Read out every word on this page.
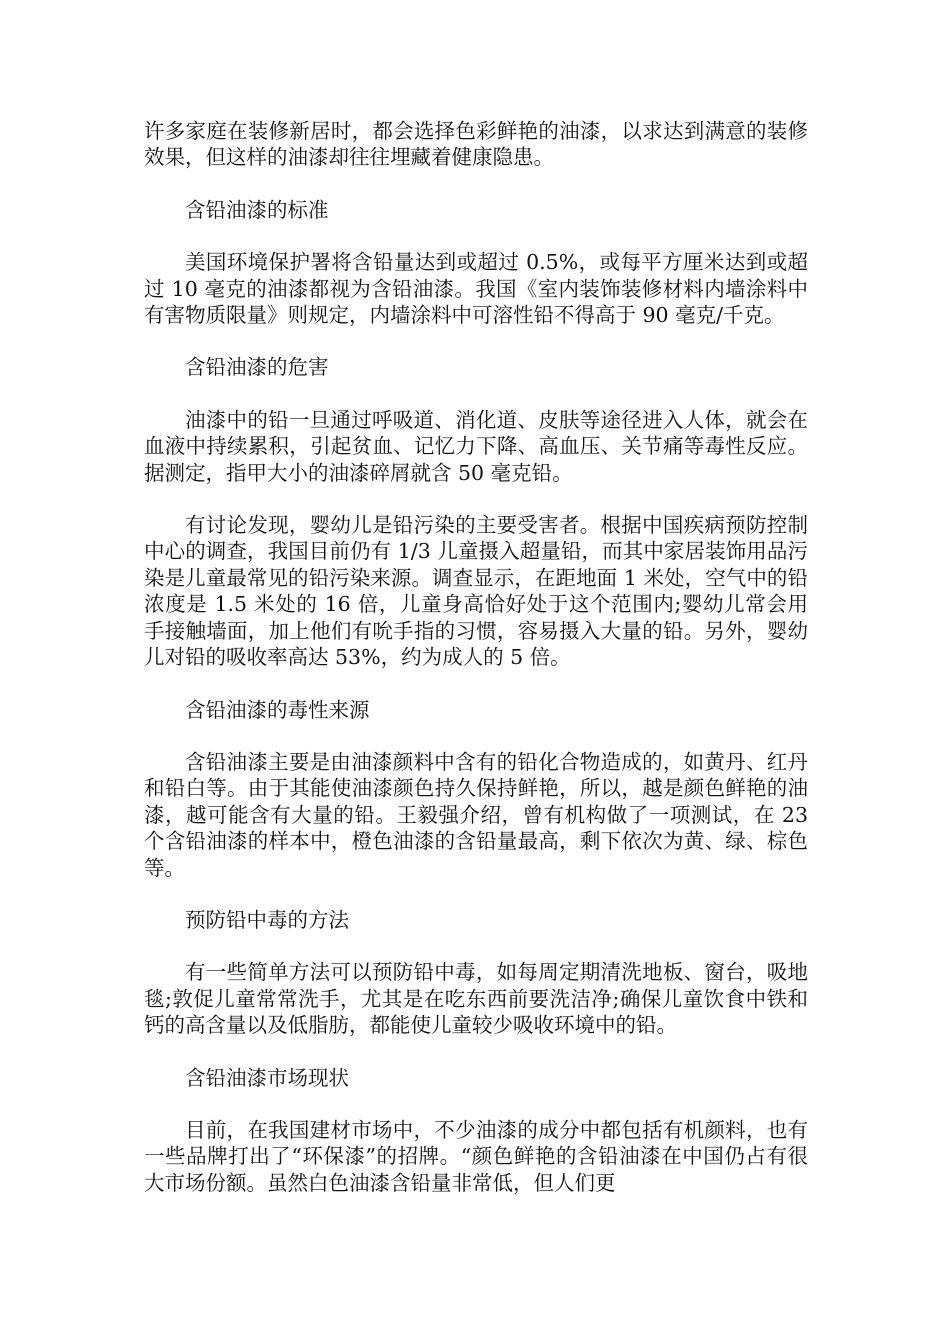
许多家庭在装修新居时，都会选择色彩鲜艳的油漆，以求达到满意的装修效果，但这样的油漆却往往埋藏着健康隐患。

含铅油漆的标准

美国环境保护署将含铅量达到或超过 0.5%，或每平方厘米达到或超过 10 毫克的油漆都视为含铅油漆。我国《室内装饰装修材料内墙涂料中有害物质限量》则规定，内墙涂料中可溶性铅不得高于 90 毫克/千克。

含铅油漆的危害

油漆中的铅一旦通过呼吸道、消化道、皮肤等途径进入人体，就会在血液中持续累积，引起贫血、记忆力下降、高血压、关节痛等毒性反应。据测定，指甲大小的油漆碎屑就含 50 毫克铅。

有讨论发现，婴幼儿是铅污染的主要受害者。根据中国疾病预防控制中心的调查，我国目前仍有 1/3 儿童摄入超量铅，而其中家居装饰用品污染是儿童最常见的铅污染来源。调查显示，在距地面 1 米处，空气中的铅浓度是 1.5 米处的 16 倍，儿童身高恰好处于这个范围内;婴幼儿常会用手接触墙面，加上他们有吮手指的习惯，容易摄入大量的铅。另外，婴幼儿对铅的吸收率高达 53%，约为成人的 5 倍。

含铅油漆的毒性来源

含铅油漆主要是由油漆颜料中含有的铅化合物造成的，如黄丹、红丹和铅白等。由于其能使油漆颜色持久保持鲜艳，所以，越是颜色鲜艳的油漆，越可能含有大量的铅。王毅强介绍，曾有机构做了一项测试，在 23 个含铅油漆的样本中，橙色油漆的含铅量最高，剩下依次为黄、绿、棕色等。

预防铅中毒的方法

有一些简单方法可以预防铅中毒，如每周定期清洗地板、窗台，吸地毯;敦促儿童常常洗手，尤其是在吃东西前要洗洁净;确保儿童饮食中铁和钙的高含量以及低脂肪，都能使儿童较少吸收环境中的铅。

含铅油漆市场现状

目前，在我国建材市场中，不少油漆的成分中都包括有机颜料，也有一些品牌打出了“环保漆”的招牌。“颜色鲜艳的含铅油漆在中国仍占有很大市场份额。虽然白色油漆含铅量非常低，但人们更
